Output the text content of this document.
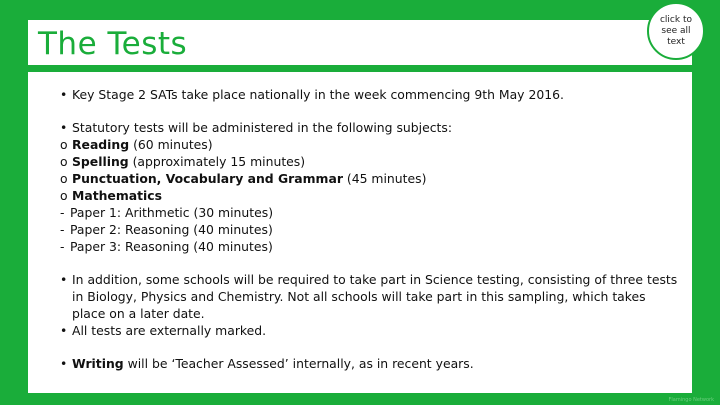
The Tests
click to
see all
text
• Key Stage 2 SATs take place nationally in the week commencing 9th May 2016.
• Statutory tests will be administered in the following subjects:
o Reading (60 minutes)
o Spelling (approximately 15 minutes)
o Punctuation, Vocabulary and Grammar (45 minutes)
o Mathematics
- Paper 1: Arithmetic (30 minutes)
- Paper 2: Reasoning (40 minutes)
- Paper 3: Reasoning (40 minutes)
• In addition, some schools will be required to take part in Science testing, consisting of three tests in Biology, Physics and Chemistry. Not all schools will take part in this sampling, which takes place on a later date.
• All tests are externally marked.
• Writing will be ‘Teacher Assessed’ internally, as in recent years.
Flamingo Network
